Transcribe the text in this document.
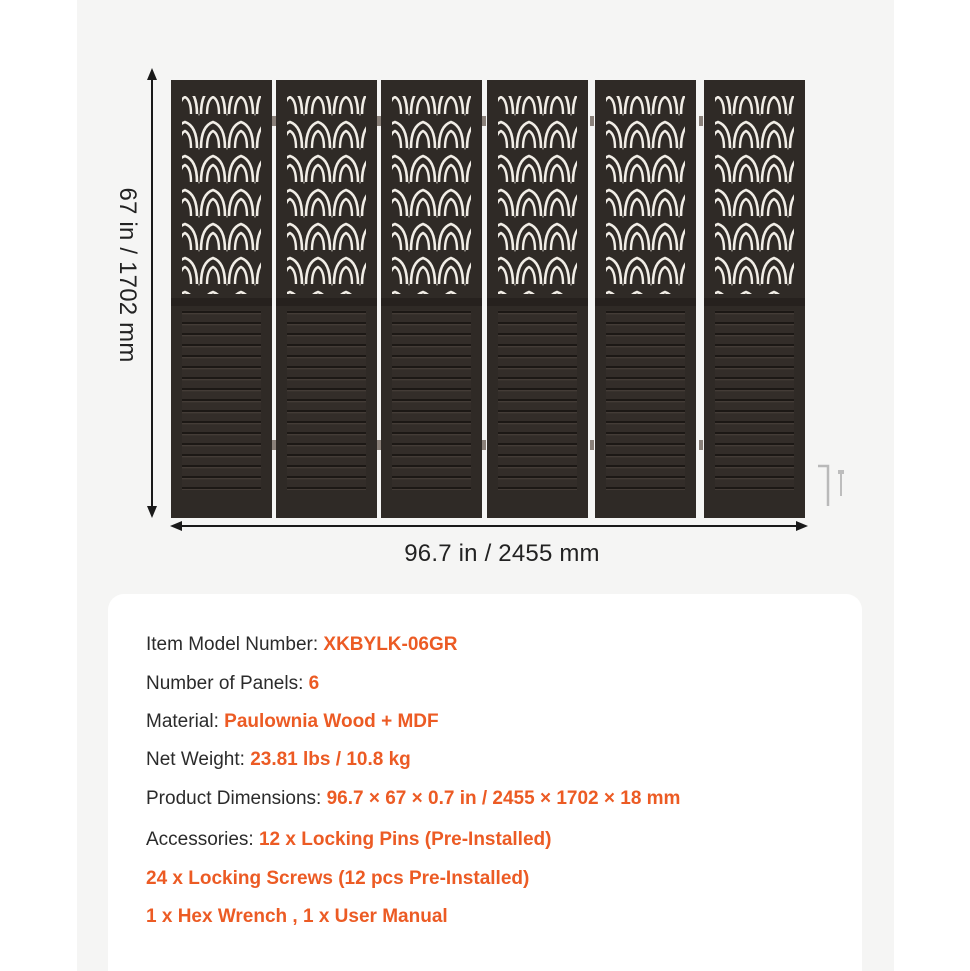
67 in / 1702 mm
96.7 in / 2455 mm
Item Model Number: XKBYLK-06GR
Number of Panels: 6
Material: Paulownia Wood + MDF
Net Weight: 23.81 lbs / 10.8 kg
Product Dimensions: 96.7 × 67 × 0.7 in / 2455 × 1702 × 18 mm
Accessories: 12 x Locking Pins (Pre-Installed)
24 x Locking Screws (12 pcs Pre-Installed)
1 x Hex Wrench , 1 x User Manual
